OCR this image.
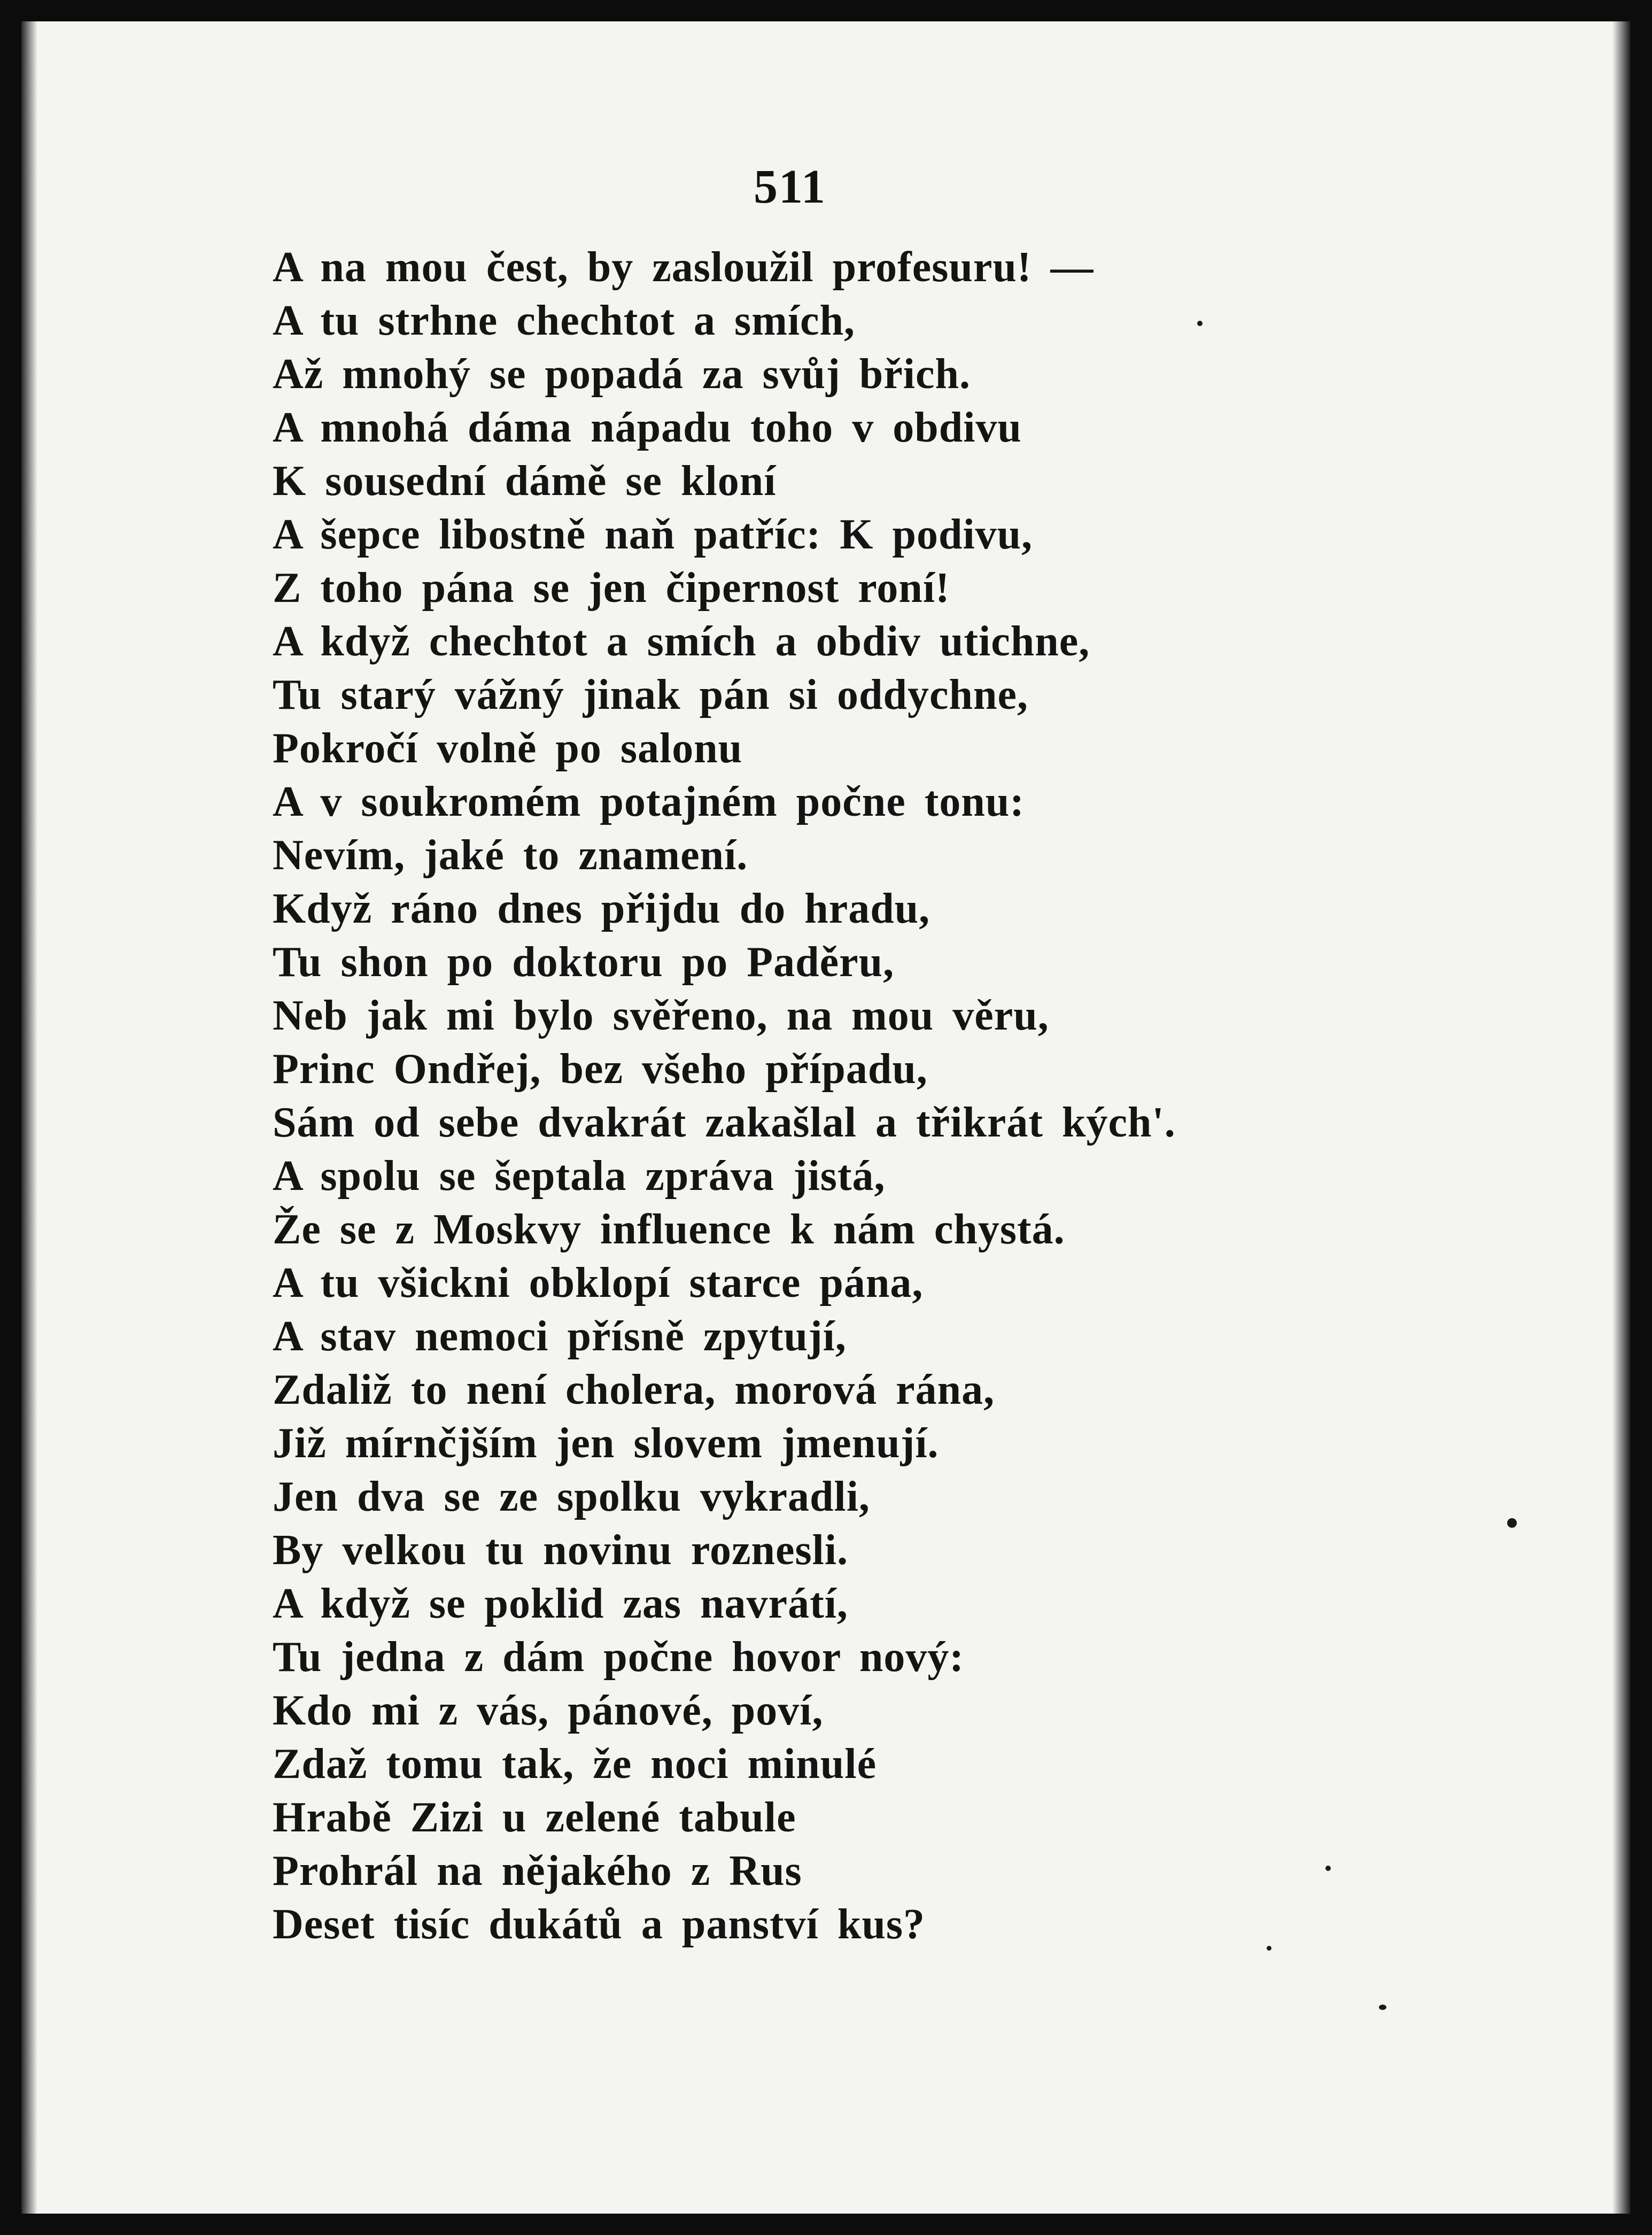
511
A na mou čest, by zasloužil profesuru! —
A tu strhne chechtot a smích,
Až mnohý se popadá za svůj břich.
A mnohá dáma nápadu toho v obdivu
K sousední dámě se kloní
A šepce libostně naň patříc: K podivu,
Z toho pána se jen čipernost roní!
A když chechtot a smích a obdiv utichne,
Tu starý vážný jinak pán si oddychne,
Pokročí volně po salonu
A v soukromém potajném počne tonu:
Nevím, jaké to znamení.
Když ráno dnes přijdu do hradu,
Tu shon po doktoru po Paděru,
Neb jak mi bylo svěřeno, na mou věru,
Princ Ondřej, bez všeho případu,
Sám od sebe dvakrát zakašlal a třikrát kých'.
A spolu se šeptala zpráva jistá,
Že se z Moskvy influence k nám chystá.
A tu všickni obklopí starce pána,
A stav nemoci přísně zpytují,
Zdaliž to není cholera, morová rána,
Již mírnčjším jen slovem jmenují.
Jen dva se ze spolku vykradli,
By velkou tu novinu roznesli.
A když se poklid zas navrátí,
Tu jedna z dám počne hovor nový:
Kdo mi z vás, pánové, poví,
Zdaž tomu tak, že noci minulé
Hrabě Zizi u zelené tabule
Prohrál na nějakého z Rus
Deset tisíc dukátů a panství kus?
